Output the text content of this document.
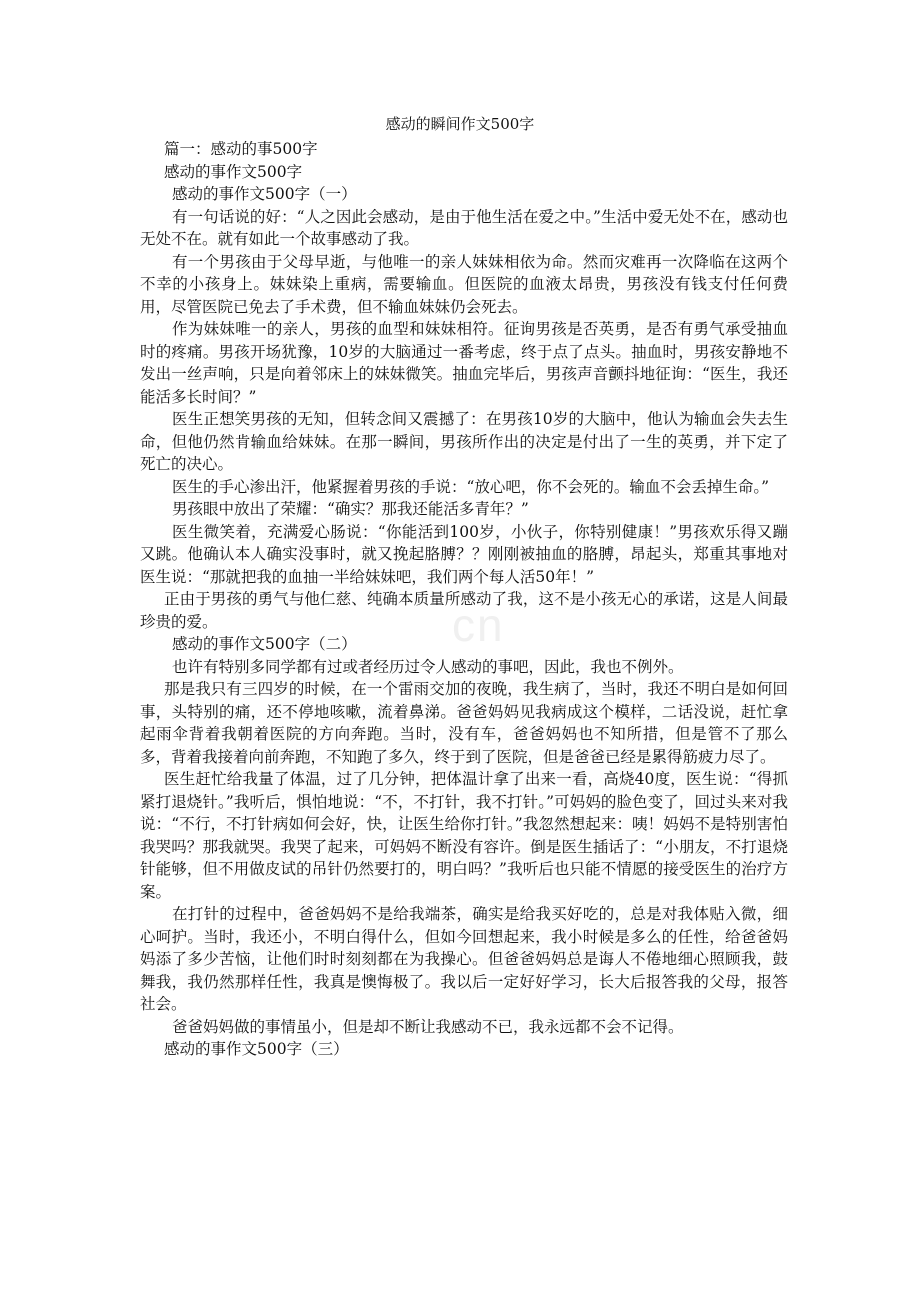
感动的瞬间作文500字

篇一：感动的事500字

感动的事作文500字

感动的事作文500字（一）

有一句话说的好：“人之因此会感动，是由于他生活在爱之中。”生活中爱无处不在，感动也无处不在。就有如此一个故事感动了我。

有一个男孩由于父母早逝，与他唯一的亲人妹妹相依为命。然而灾难再一次降临在这两个不幸的小孩身上。妹妹染上重病，需要输血。但医院的血液太昂贵，男孩没有钱支付任何费用，尽管医院已免去了手术费，但不输血妹妹仍会死去。

作为妹妹唯一的亲人，男孩的血型和妹妹相符。征询男孩是否英勇，是否有勇气承受抽血时的疼痛。男孩开场犹豫，10岁的大脑通过一番考虑，终于点了点头。抽血时，男孩安静地不发出一丝声响，只是向着邻床上的妹妹微笑。抽血完毕后，男孩声音颤抖地征询：“医生，我还能活多长时间？”

医生正想笑男孩的无知，但转念间又震撼了：在男孩10岁的大脑中，他认为输血会失去生命，但他仍然肯输血给妹妹。在那一瞬间，男孩所作出的决定是付出了一生的英勇，并下定了死亡的决心。

医生的手心渗出汗，他紧握着男孩的手说：“放心吧，你不会死的。输血不会丢掉生命。”

男孩眼中放出了荣耀：“确实？那我还能活多青年？”

医生微笑着，充满爱心肠说：“你能活到100岁，小伙子，你特别健康！”男孩欢乐得又蹦又跳。他确认本人确实没事时，就又挽起胳膊？？刚刚被抽血的胳膊，昂起头，郑重其事地对医生说：“那就把我的血抽一半给妹妹吧，我们两个每人活50年！”

正由于男孩的勇气与他仁慈、纯确本质量所感动了我，这不是小孩无心的承诺，这是人间最珍贵的爱。

感动的事作文500字（二）

也许有特别多同学都有过或者经历过令人感动的事吧，因此，我也不例外。

那是我只有三四岁的时候，在一个雷雨交加的夜晚，我生病了，当时，我还不明白是如何回事，头特别的痛，还不停地咳嗽，流着鼻涕。爸爸妈妈见我病成这个模样，二话没说，赶忙拿起雨伞背着我朝着医院的方向奔跑。当时，没有车，爸爸妈妈也不知所措，但是管不了那么多，背着我接着向前奔跑，不知跑了多久，终于到了医院，但是爸爸已经是累得筋疲力尽了。

医生赶忙给我量了体温，过了几分钟，把体温计拿了出来一看，高烧40度，医生说：“得抓紧打退烧针。”我听后，惧怕地说：“不，不打针，我不打针。”可妈妈的脸色变了，回过头来对我说：“不行，不打针病如何会好，快，让医生给你打针。”我忽然想起来：咦！妈妈不是特别害怕我哭吗？那我就哭。我哭了起来，可妈妈不断没有容许。倒是医生插话了：“小朋友，不打退烧针能够，但不用做皮试的吊针仍然要打的，明白吗？”我听后也只能不情愿的接受医生的治疗方案。

在打针的过程中，爸爸妈妈不是给我端茶，确实是给我买好吃的，总是对我体贴入微，细心呵护。当时，我还小，不明白得什么，但如今回想起来，我小时候是多么的任性，给爸爸妈妈添了多少苦恼，让他们时时刻刻都在为我操心。但爸爸妈妈总是诲人不倦地细心照顾我，鼓舞我，我仍然那样任性，我真是懊悔极了。我以后一定好好学习，长大后报答我的父母，报答社会。

爸爸妈妈做的事情虽小，但是却不断让我感动不已，我永远都不会不记得。

感动的事作文500字（三）

cn
